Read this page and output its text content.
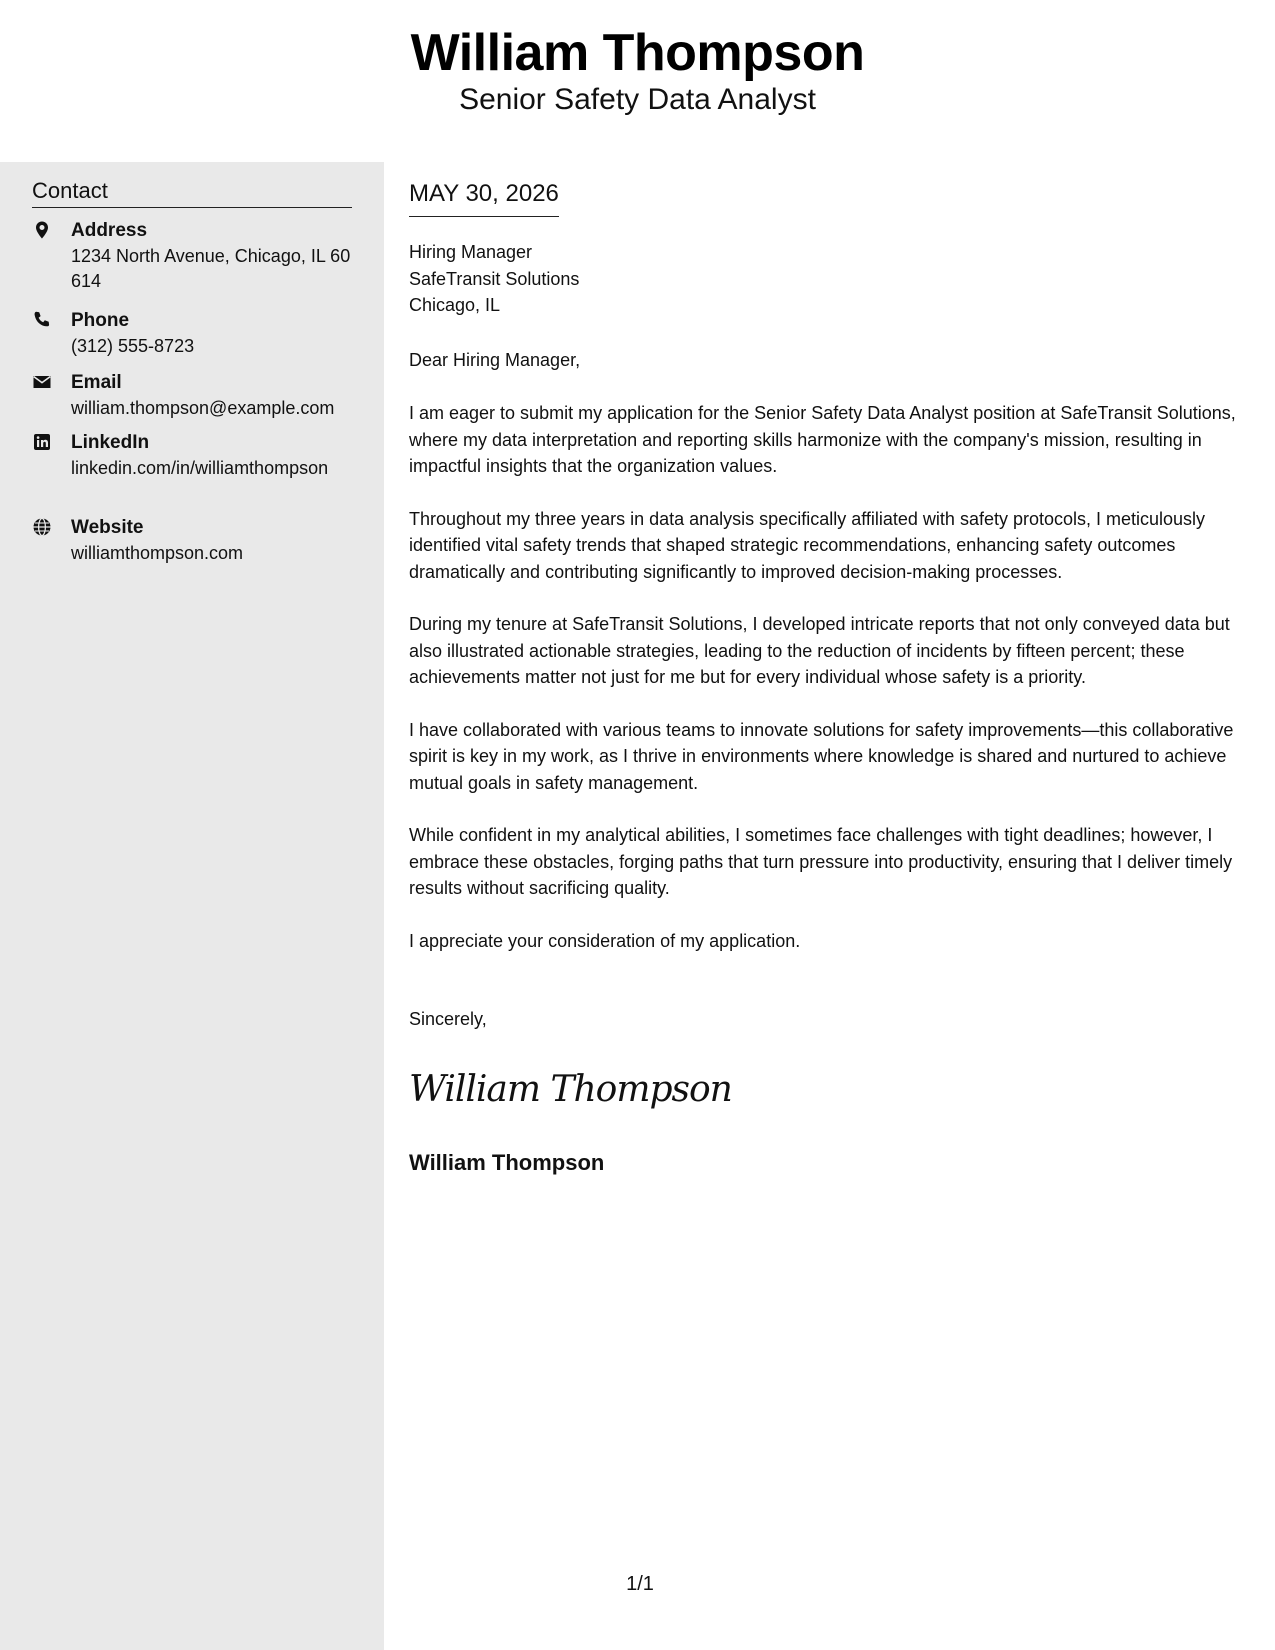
William Thompson
Senior Safety Data Analyst
Contact
Address
1234 North Avenue, Chicago, IL 60614
Phone
(312) 555-8723
Email
william.thompson@example.com
LinkedIn
linkedin.com/in/williamthompson
Website
williamthompson.com
MAY 30, 2026
Hiring Manager
SafeTransit Solutions
Chicago, IL
Dear Hiring Manager,

I am eager to submit my application for the Senior Safety Data Analyst position at SafeTransit Solutions, where my data interpretation and reporting skills harmonize with the company's mission, resulting in impactful insights that the organization values.

Throughout my three years in data analysis specifically affiliated with safety protocols, I meticulously identified vital safety trends that shaped strategic recommendations, enhancing safety outcomes dramatically and contributing significantly to improved decision-making processes.

During my tenure at SafeTransit Solutions, I developed intricate reports that not only conveyed data but also illustrated actionable strategies, leading to the reduction of incidents by fifteen percent; these achievements matter not just for me but for every individual whose safety is a priority.

I have collaborated with various teams to innovate solutions for safety improvements—this collaborative spirit is key in my work, as I thrive in environments where knowledge is shared and nurtured to achieve mutual goals in safety management.

While confident in my analytical abilities, I sometimes face challenges with tight deadlines; however, I embrace these obstacles, forging paths that turn pressure into productivity, ensuring that I deliver timely results without sacrificing quality.

I appreciate your consideration of my application.

Sincerely,
William Thompson
William Thompson
1/1
